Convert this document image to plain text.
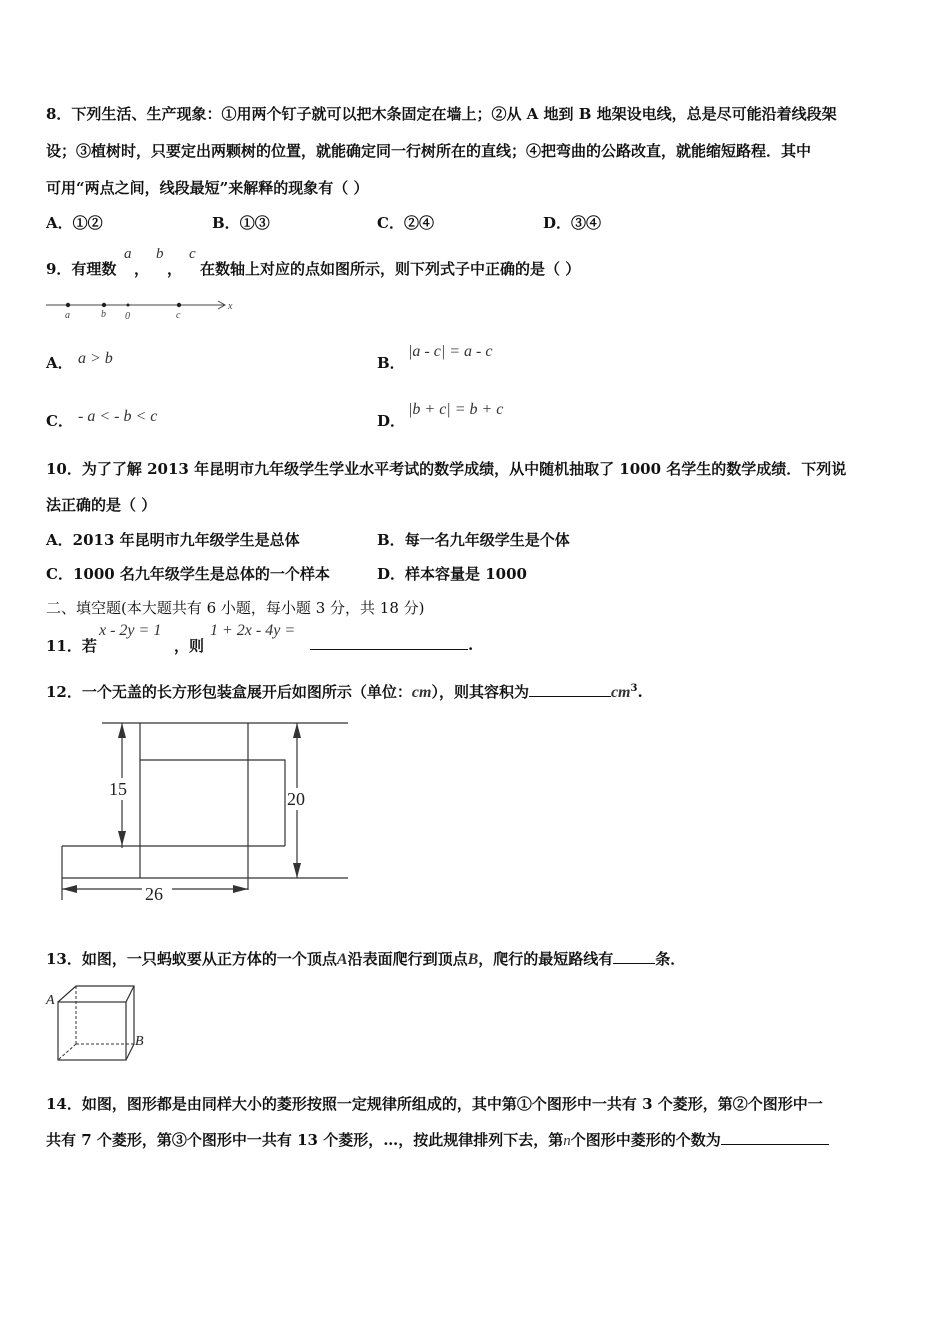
8．下列生活、生产现象：①用两个钉子就可以把木条固定在墙上；②从 A 地到 B 地架设电线，总是尽可能沿着线段架
设；③植树时，只要定出两颗树的位置，就能确定同一行树所在的直线；④把弯曲的公路改直，就能缩短路程．其中
可用“两点之间，线段最短”来解释的现象有（ ）
A．①②	B．①③	C．②④	D．③④
9．有理数
a
，
b
，
c
在数轴上对应的点如图所示，则下列式子中正确的是（ ）
a	b 0	c
x
A． a > b	B．
|a - c| = a - c
C． - a < - b < c	D．
|b + c| = b + c
10．为了了解 2013 年昆明市九年级学生学业水平考试的数学成绩，从中随机抽取了 1000 名学生的数学成绩．下列说
法正确的是（ ）
A．2013 年昆明市九年级学生是总体	B．每一名九年级学生是个体
C．1000 名九年级学生是总体的一个样本	D．样本容量是 1000
二、填空题(本大题共有 6 小题，每小题 3 分，共 18 分)
11．若
x - 2y = 1
，则
1 + 2x - 4y =
.
12．一个无盖的长方形包装盒展开后如图所示（单位：cm），则其容积为	$cm^3$.
15	20
26
13．如图，一只蚂蚁要从正方体的一个顶点A沿表面爬行到顶点B，爬行的最短路线有	条．
A
B
14．如图，图形都是由同样大小的菱形按照一定规律所组成的，其中第①个图形中一共有 3 个菱形，第②个图形中一
共有 7 个菱形，第③个图形中一共有 13 个菱形，…，按此规律排列下去，第n个图形中菱形的个数为
